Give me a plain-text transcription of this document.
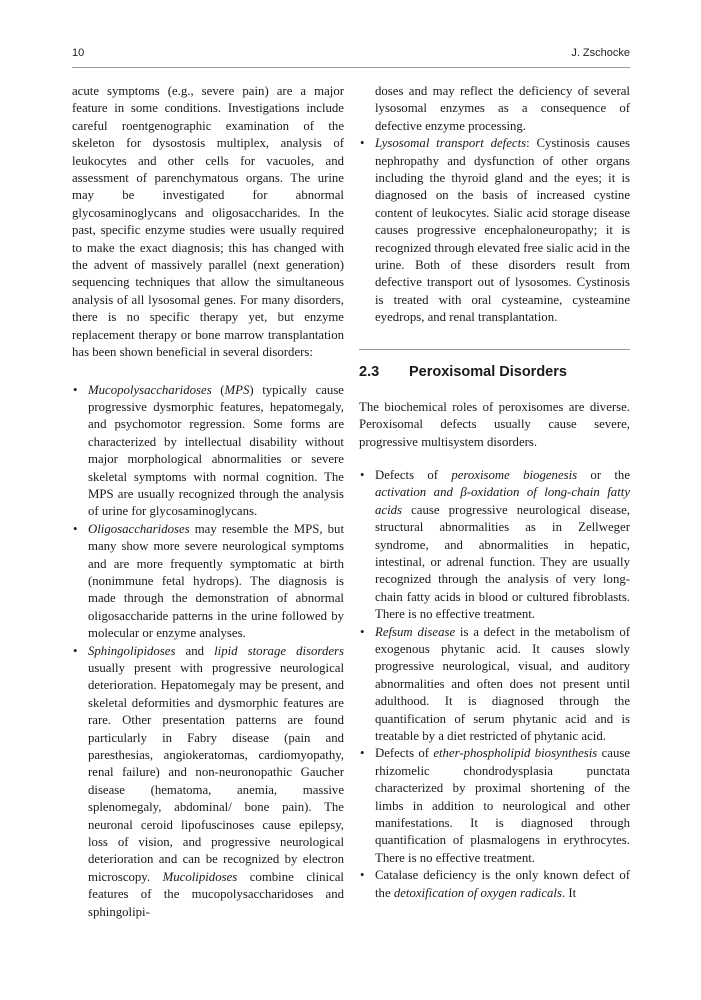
10	J. Zschocke

acute symptoms (e.g., severe pain) are a major feature in some conditions. Investigations include careful roentgenographic examination of the skeleton for dysostosis multiplex, analysis of leukocytes and other cells for vacuoles, and assessment of parenchymatous organs. The urine may be investigated for abnormal glycosaminoglycans and oligosaccharides. In the past, specific enzyme studies were usually required to make the exact diagnosis; this has changed with the advent of massively parallel (next generation) sequencing techniques that allow the simultaneous analysis of all lysosomal genes. For many disorders, there is no specific therapy yet, but enzyme replacement therapy or bone marrow transplantation has been shown beneficial in several disorders:

• Mucopolysaccharidoses (MPS) typically cause progressive dysmorphic features, hepatomegaly, and psychomotor regression. Some forms are characterized by intellectual disability without major morphological abnormalities or severe skeletal symptoms with normal cognition. The MPS are usually recognized through the analysis of urine for glycosaminoglycans.
• Oligosaccharidoses may resemble the MPS, but many show more severe neurological symptoms and are more frequently symptomatic at birth (nonimmune fetal hydrops). The diagnosis is made through the demonstration of abnormal oligosaccharide patterns in the urine followed by molecular or enzyme analyses.
• Sphingolipidoses and lipid storage disorders usually present with progressive neurological deterioration. Hepatomegaly may be present, and skeletal deformities and dysmorphic features are rare. Other presentation patterns are found particularly in Fabry disease (pain and paresthesias, angiokeratomas, cardiomyopathy, renal failure) and non-neuronopathic Gaucher disease (hematoma, anemia, massive splenomegaly, abdominal/ bone pain). The neuronal ceroid lipofuscinoses cause epilepsy, loss of vision, and progressive neurological deterioration and can be recognized by electron microscopy. Mucolipidoses combine clinical features of the mucopolysaccharidoses and sphingolipi-

doses and may reflect the deficiency of several lysosomal enzymes as a consequence of defective enzyme processing.

• Lysosomal transport defects: Cystinosis causes nephropathy and dysfunction of other organs including the thyroid gland and the eyes; it is diagnosed on the basis of increased cystine content of leukocytes. Sialic acid storage disease causes progressive encephaloneuropathy; it is recognized through elevated free sialic acid in the urine. Both of these disorders result from defective transport out of lysosomes. Cystinosis is treated with oral cysteamine, cysteamine eyedrops, and renal transplantation.
2.3 Peroxisomal Disorders

The biochemical roles of peroxisomes are diverse. Peroxisomal defects usually cause severe, progressive multisystem disorders.

• Defects of peroxisome biogenesis or the activation and β-oxidation of long-chain fatty acids cause progressive neurological disease, structural abnormalities as in Zellweger syndrome, and abnormalities in hepatic, intestinal, or adrenal function. They are usually recognized through the analysis of very long-chain fatty acids in blood or cultured fibroblasts. There is no effective treatment.
• Refsum disease is a defect in the metabolism of exogenous phytanic acid. It causes slowly progressive neurological, visual, and auditory abnormalities and often does not present until adulthood. It is diagnosed through the quantification of serum phytanic acid and is treatable by a diet restricted of phytanic acid.
• Defects of ether-phospholipid biosynthesis cause rhizomelic chondrodysplasia punctata characterized by proximal shortening of the limbs in addition to neurological and other manifestations. It is diagnosed through quantification of plasmalogens in erythrocytes. There is no effective treatment.
• Catalase deficiency is the only known defect of the detoxification of oxygen radicals. It
